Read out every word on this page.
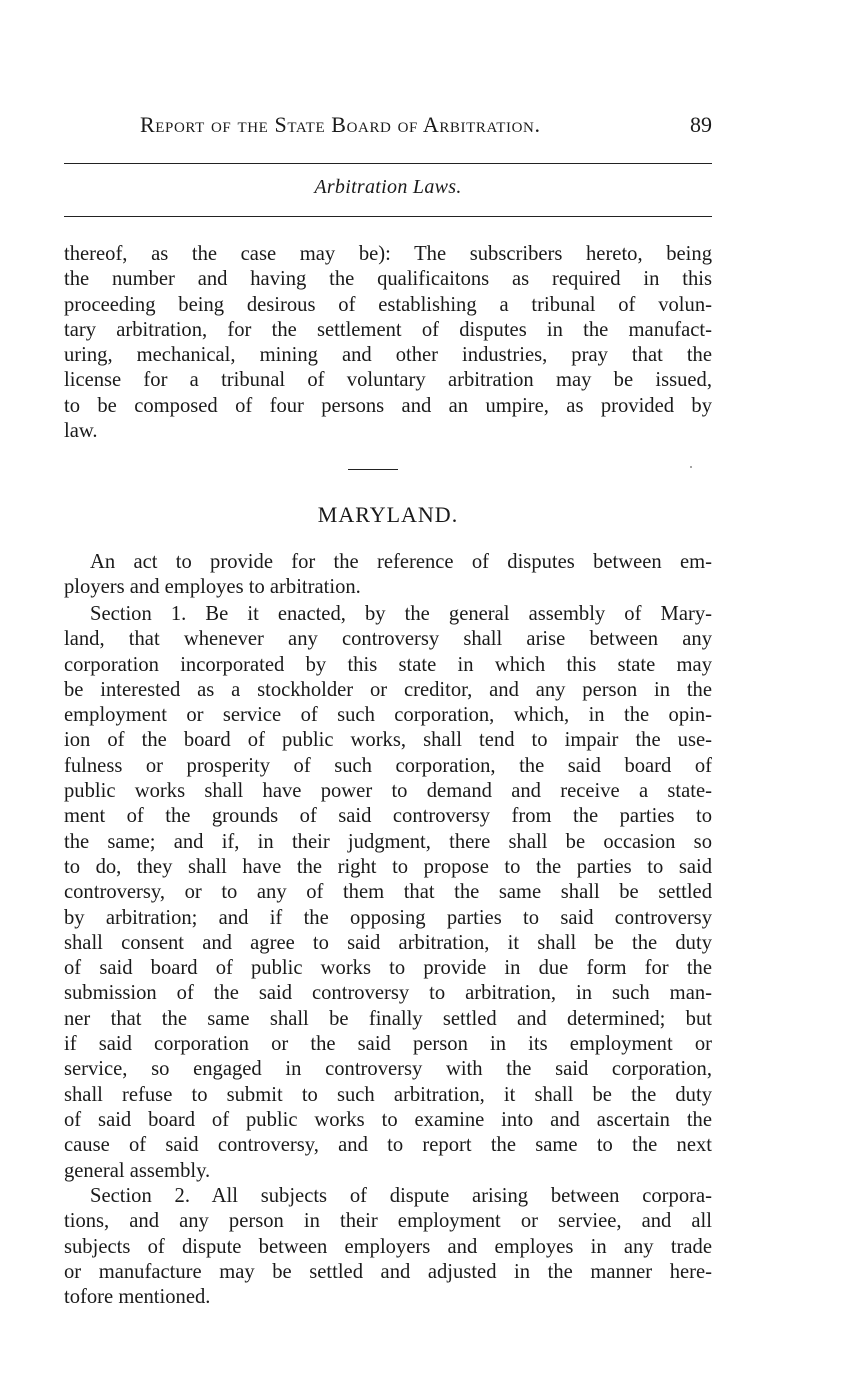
Report of the State Board of Arbitration.	89
Arbitration Laws.
thereof, as the case may be): The subscribers hereto, being
the number and having the qualificaitons as required in this
proceeding being desirous of establishing a tribunal of volun-
tary arbitration, for the settlement of disputes in the manufact-
uring, mechanical, mining and other industries, pray that the
license for a tribunal of voluntary arbitration may be issued,
to be composed of four persons and an umpire, as provided by
law.
MARYLAND.
An act to provide for the reference of disputes between em-
ployers and employes to arbitration.
Section 1. Be it enacted, by the general assembly of Mary-
land, that whenever any controversy shall arise between any
corporation incorporated by this state in which this state may
be interested as a stockholder or creditor, and any person in the
employment or service of such corporation, which, in the opin-
ion of the board of public works, shall tend to impair the use-
fulness or prosperity of such corporation, the said board of
public works shall have power to demand and receive a state-
ment of the grounds of said controversy from the parties to
the same; and if, in their judgment, there shall be occasion so
to do, they shall have the right to propose to the parties to said
controversy, or to any of them that the same shall be settled
by arbitration; and if the opposing parties to said controversy
shall consent and agree to said arbitration, it shall be the duty
of said board of public works to provide in due form for the
submission of the said controversy to arbitration, in such man-
ner that the same shall be finally settled and determined; but
if said corporation or the said person in its employment or
service, so engaged in controversy with the said corporation,
shall refuse to submit to such arbitration, it shall be the duty
of said board of public works to examine into and ascertain the
cause of said controversy, and to report the same to the next
general assembly.
Section 2. All subjects of dispute arising between corpora-
tions, and any person in their employment or serviee, and all
subjects of dispute between employers and employes in any trade
or manufacture may be settled and adjusted in the manner here-
tofore mentioned.
